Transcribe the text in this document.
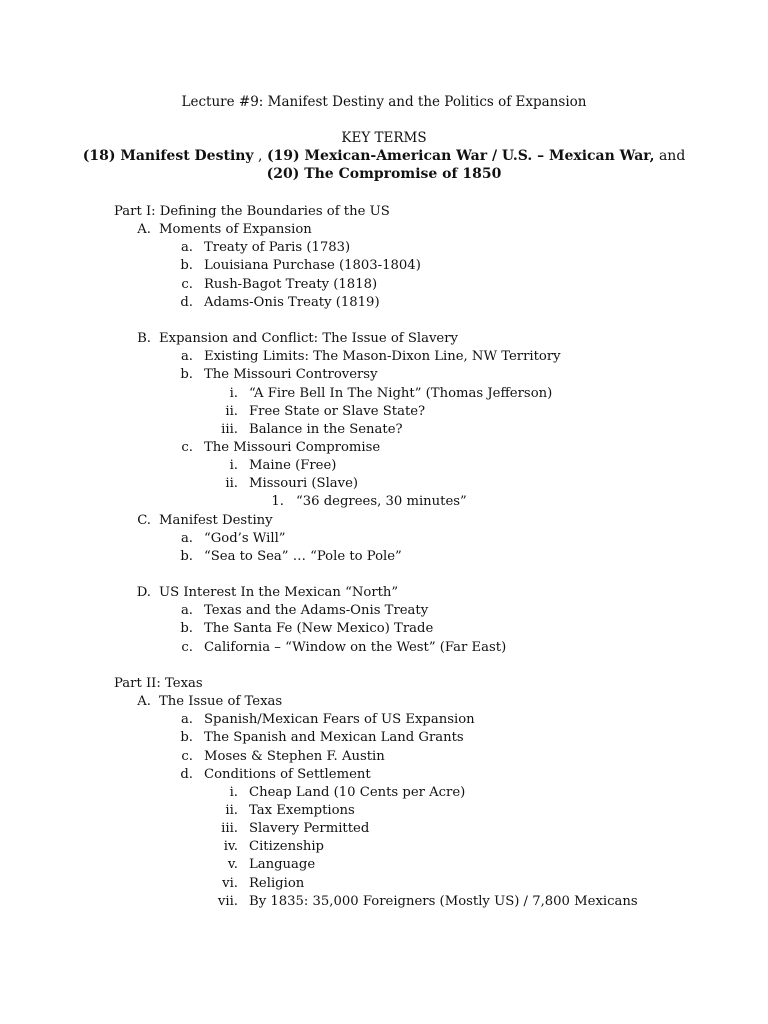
Lecture #9: Manifest Destiny and the Politics of Expansion
KEY TERMS
(18) Manifest Destiny , (19) Mexican-American War / U.S. – Mexican War, and
(20) The Compromise of 1850
Part I: Defining the Boundaries of the US
A. Moments of Expansion
a. Treaty of Paris (1783)
b. Louisiana Purchase (1803-1804)
c. Rush-Bagot Treaty (1818)
d. Adams-Onis Treaty (1819)
B. Expansion and Conflict: The Issue of Slavery
a. Existing Limits: The Mason-Dixon Line, NW Territory
b. The Missouri Controversy
i. “A Fire Bell In The Night” (Thomas Jefferson)
ii. Free State or Slave State?
iii. Balance in the Senate?
c. The Missouri Compromise
i. Maine (Free)
ii. Missouri (Slave)
1. “36 degrees, 30 minutes”
C. Manifest Destiny
a. “God’s Will”
b. “Sea to Sea” … “Pole to Pole”
D. US Interest In the Mexican “North”
a. Texas and the Adams-Onis Treaty
b. The Santa Fe (New Mexico) Trade
c. California – “Window on the West” (Far East)
Part II: Texas
A. The Issue of Texas
a. Spanish/Mexican Fears of US Expansion
b. The Spanish and Mexican Land Grants
c. Moses & Stephen F. Austin
d. Conditions of Settlement
i. Cheap Land (10 Cents per Acre)
ii. Tax Exemptions
iii. Slavery Permitted
iv. Citizenship
v. Language
vi. Religion
vii. By 1835: 35,000 Foreigners (Mostly US) / 7,800 Mexicans
